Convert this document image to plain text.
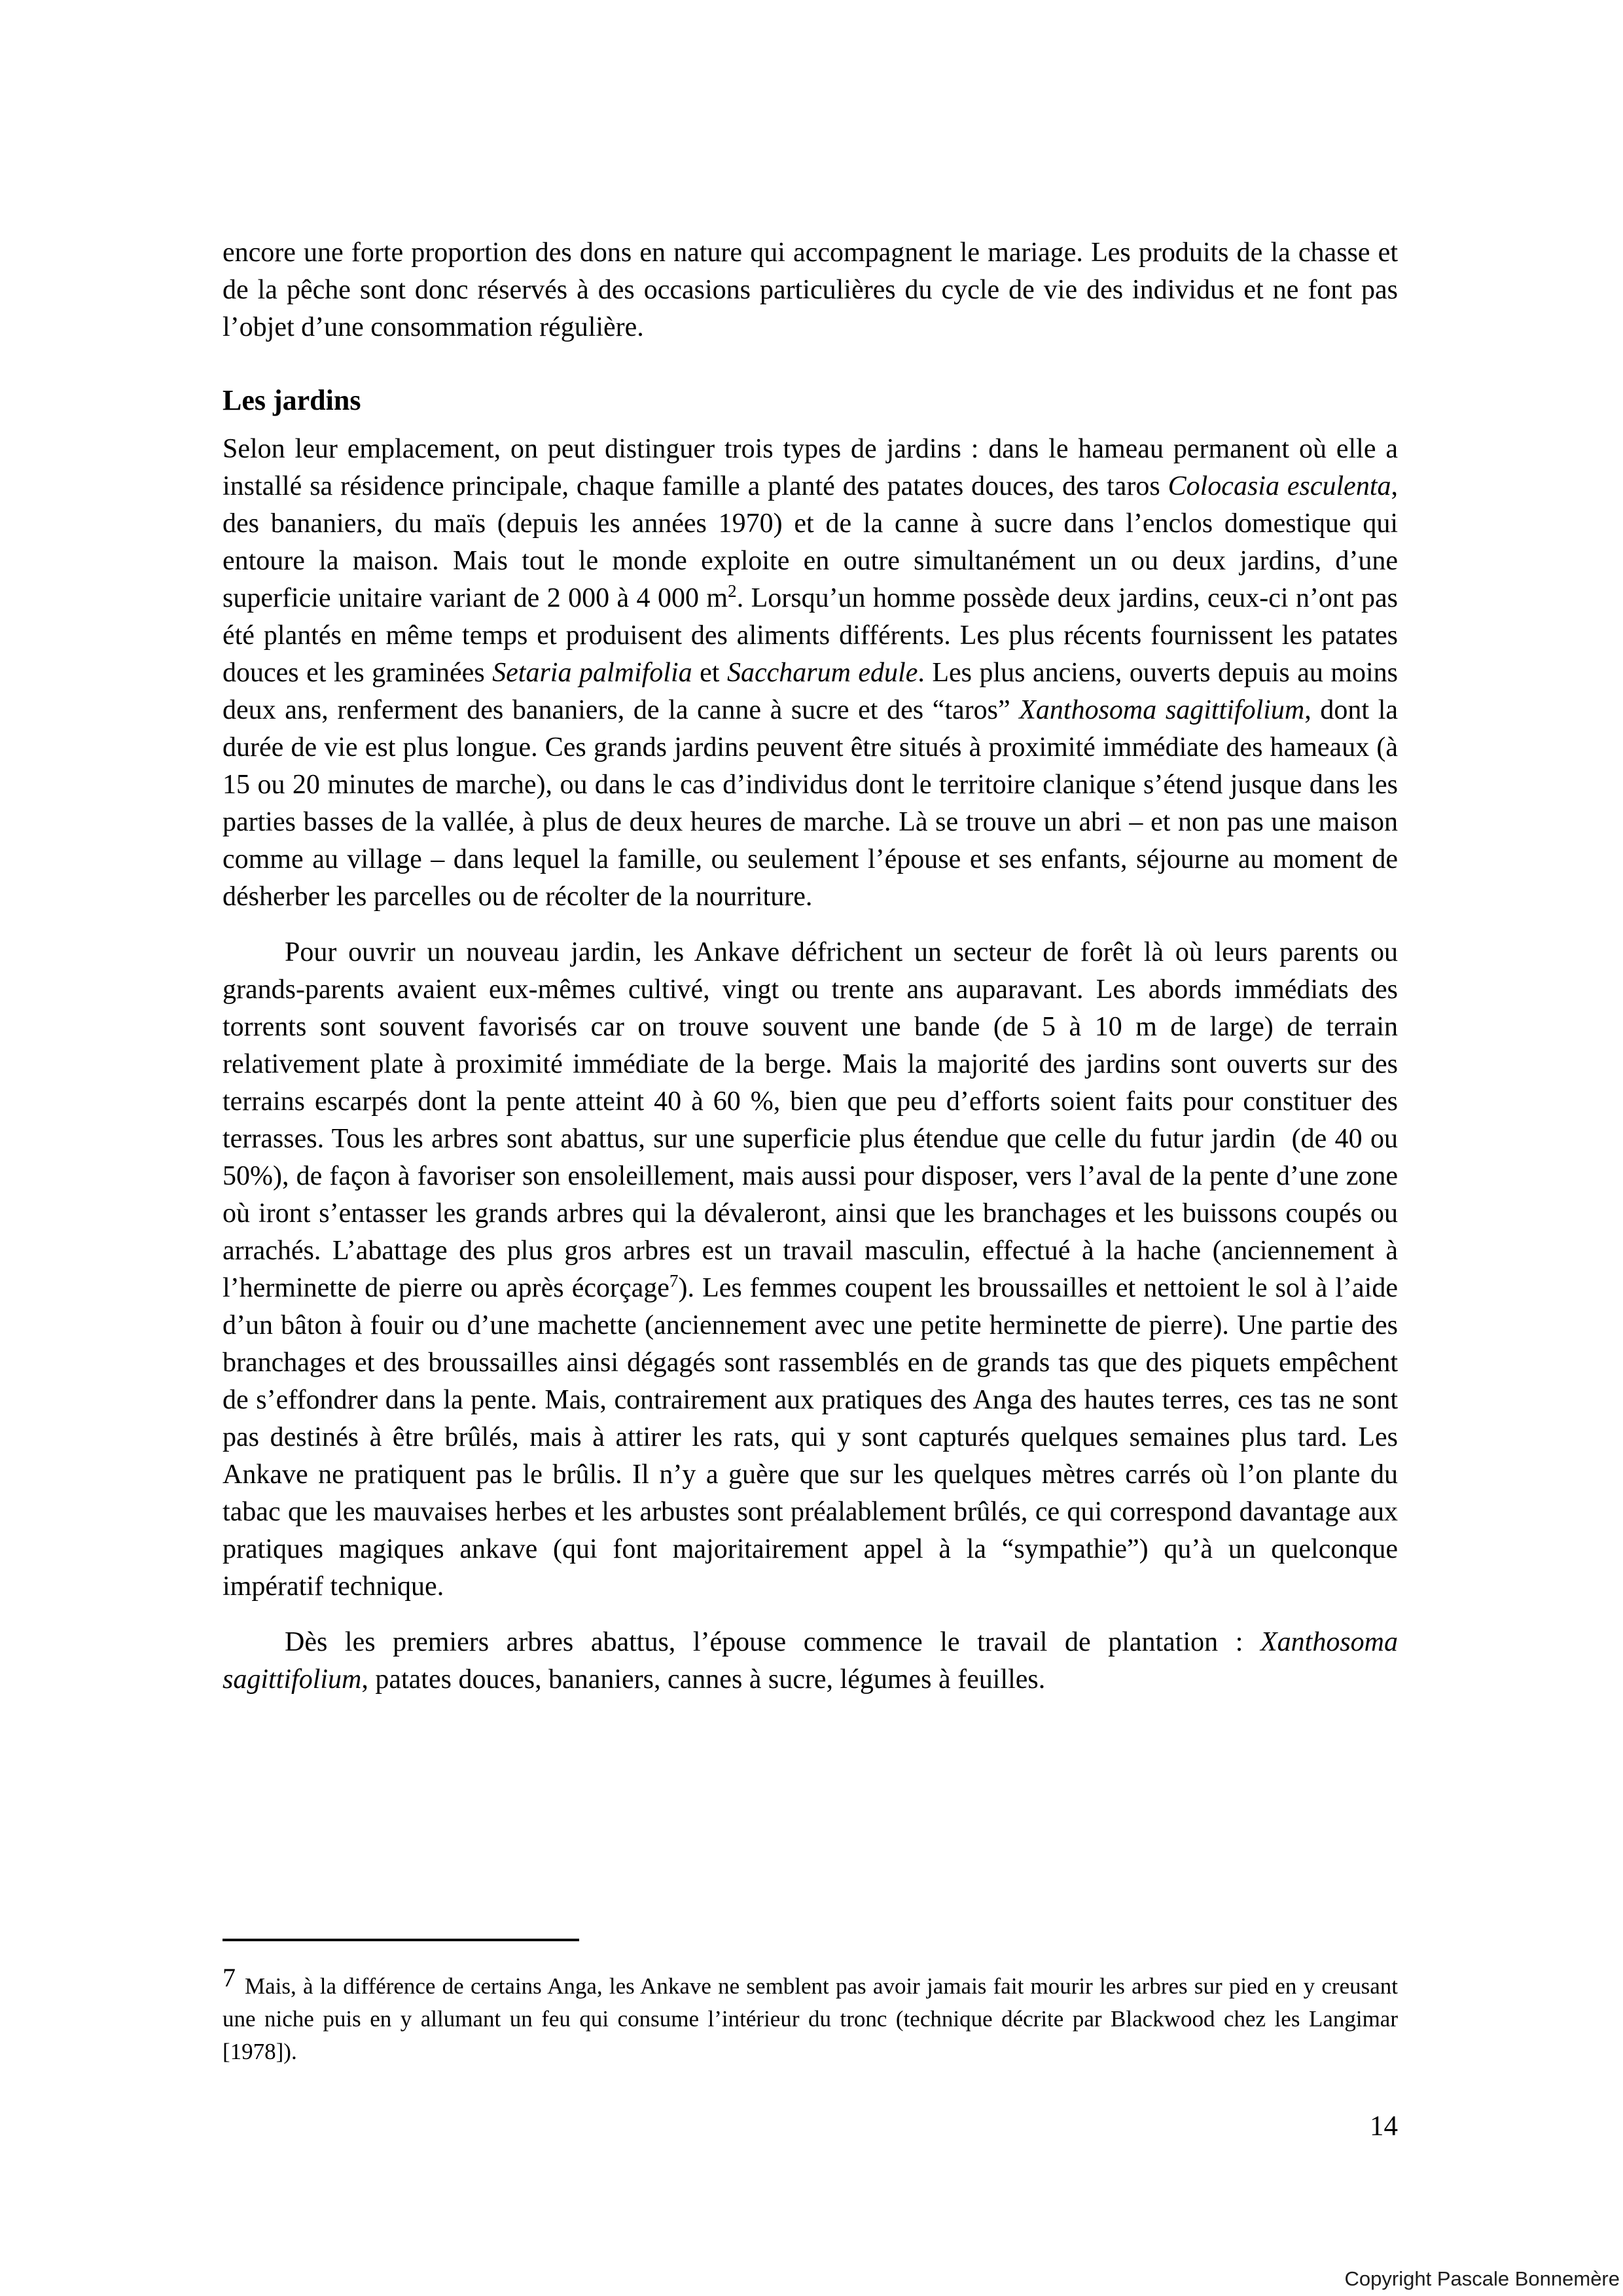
encore une forte proportion des dons en nature qui accompagnent le mariage. Les produits de la chasse et de la pêche sont donc réservés à des occasions particulières du cycle de vie des individus et ne font pas l’objet d’une consommation régulière.

Les jardins

Selon leur emplacement, on peut distinguer trois types de jardins : dans le hameau permanent où elle a installé sa résidence principale, chaque famille a planté des patates douces, des taros Colocasia esculenta, des bananiers, du maïs (depuis les années 1970) et de la canne à sucre dans l’enclos domestique qui entoure la maison. Mais tout le monde exploite en outre simultanément un ou deux jardins, d’une superficie unitaire variant de 2 000 à 4 000 $m^2$. Lorsqu’un homme possède deux jardins, ceux-ci n’ont pas été plantés en même temps et produisent des aliments différents. Les plus récents fournissent les patates douces et les graminées Setaria palmifolia et Saccharum edule. Les plus anciens, ouverts depuis au moins deux ans, renferment des bananiers, de la canne à sucre et des “taros” Xanthosoma sagittifolium, dont la durée de vie est plus longue. Ces grands jardins peuvent être situés à proximité immédiate des hameaux (à 15 ou 20 minutes de marche), ou dans le cas d’individus dont le territoire clanique s’étend jusque dans les parties basses de la vallée, à plus de deux heures de marche. Là se trouve un abri – et non pas une maison comme au village – dans lequel la famille, ou seulement l’épouse et ses enfants, séjourne au moment de désherber les parcelles ou de récolter de la nourriture.

Pour ouvrir un nouveau jardin, les Ankave défrichent un secteur de forêt là où leurs parents ou grands-parents avaient eux-mêmes cultivé, vingt ou trente ans auparavant. Les abords immédiats des torrents sont souvent favorisés car on trouve souvent une bande (de 5 à 10 m de large) de terrain relativement plate à proximité immédiate de la berge. Mais la majorité des jardins sont ouverts sur des terrains escarpés dont la pente atteint 40 à 60 %, bien que peu d’efforts soient faits pour constituer des terrasses. Tous les arbres sont abattus, sur une superficie plus étendue que celle du futur jardin  (de 40 ou 50%), de façon à favoriser son ensoleillement, mais aussi pour disposer, vers l’aval de la pente d’une zone où iront s’entasser les grands arbres qui la dévaleront, ainsi que les branchages et les buissons coupés ou arrachés. L’abattage des plus gros arbres est un travail masculin, effectué à la hache (anciennement à l’herminette de pierre ou après écorçage$^7$). Les femmes coupent les broussailles et nettoient le sol à l’aide d’un bâton à fouir ou d’une machette (anciennement avec une petite herminette de pierre). Une partie des branchages et des broussailles ainsi dégagés sont rassemblés en de grands tas que des piquets empêchent de s’effondrer dans la pente. Mais, contrairement aux pratiques des Anga des hautes terres, ces tas ne sont pas destinés à être brûlés, mais à attirer les rats, qui y sont capturés quelques semaines plus tard. Les Ankave ne pratiquent pas le brûlis. Il n’y a guère que sur les quelques mètres carrés où l’on plante du tabac que les mauvaises herbes et les arbustes sont préalablement brûlés, ce qui correspond davantage aux pratiques magiques ankave (qui font majoritairement appel à la “sympathie”) qu’à un quelconque impératif technique.

Dès les premiers arbres abattus, l’épouse commence le travail de plantation : Xanthosoma sagittifolium, patates douces, bananiers, cannes à sucre, légumes à feuilles.

$^7$ Mais, à la différence de certains Anga, les Ankave ne semblent pas avoir jamais fait mourir les arbres sur pied en y creusant une niche puis en y allumant un feu qui consume l’intérieur du tronc (technique décrite par Blackwood chez les Langimar [1978]).

14
Copyright Pascale Bonnemère
